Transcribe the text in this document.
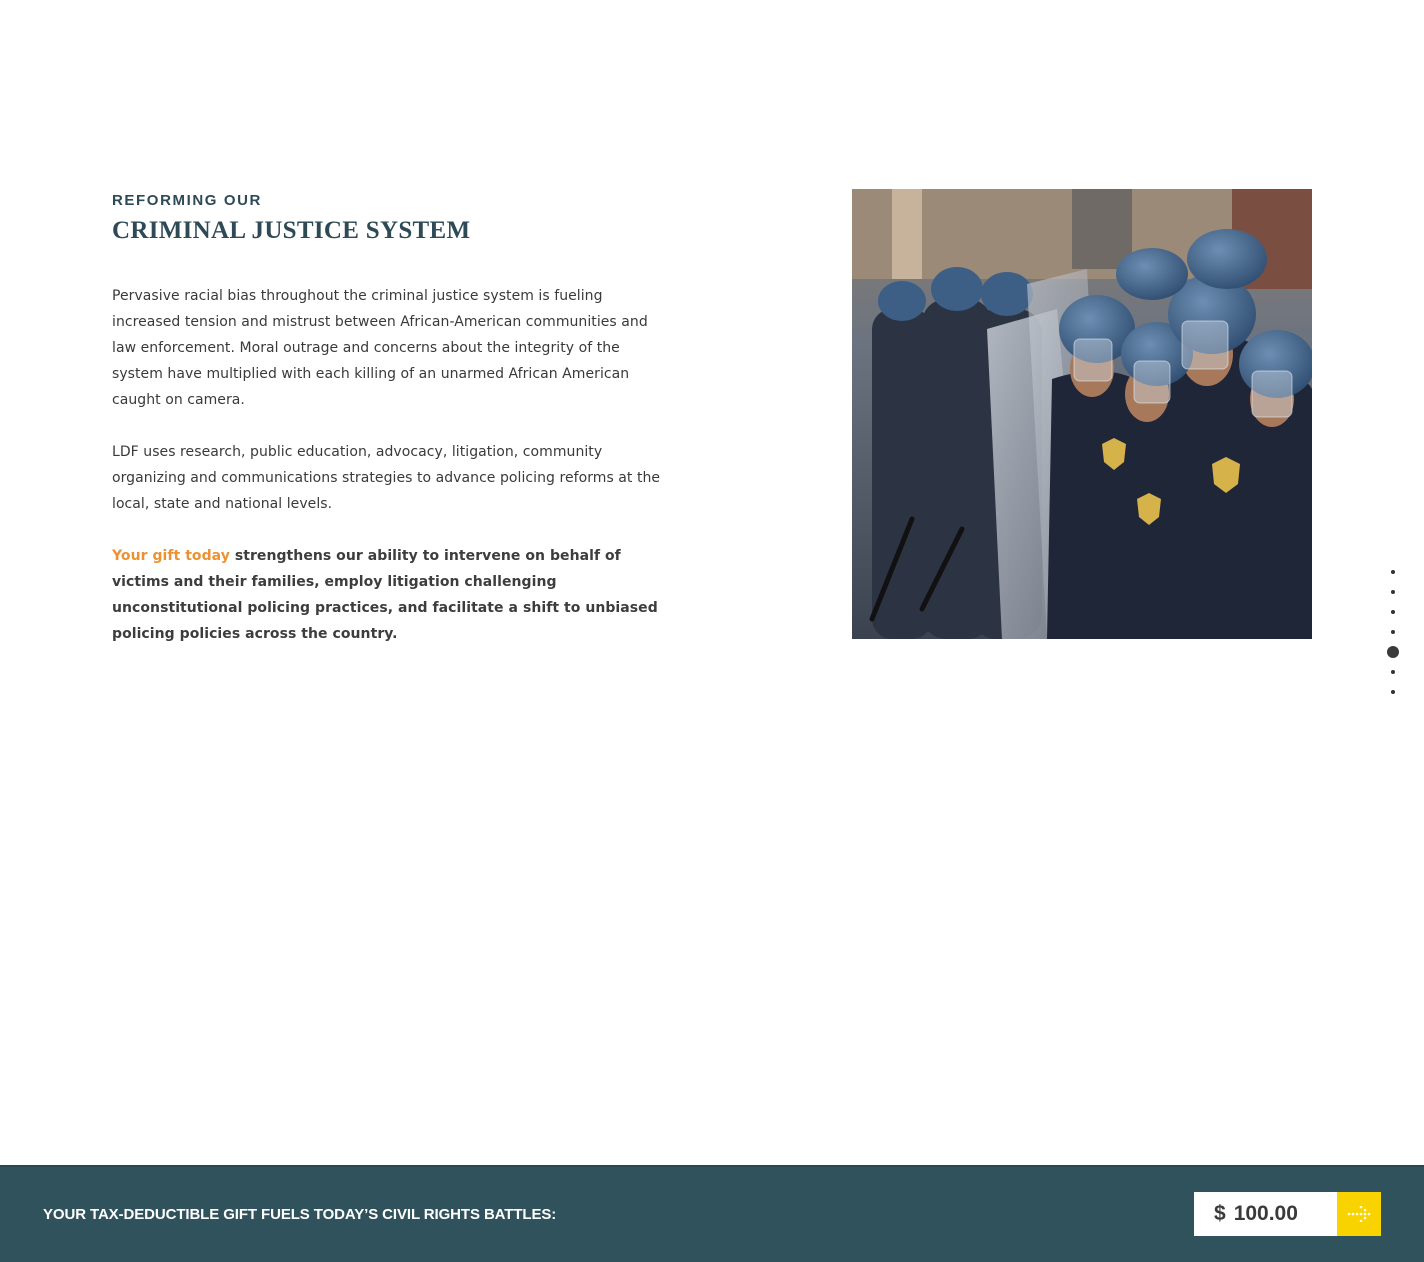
REFORMING OUR

CRIMINAL JUSTICE SYSTEM

Pervasive racial bias throughout the criminal justice system is fueling increased tension and mistrust between African-American communities and law enforcement. Moral outrage and concerns about the integrity of the system have multiplied with each killing of an unarmed African American caught on camera.

LDF uses research, public education, advocacy, litigation, community organizing and communications strategies to advance policing reforms at the local, state and national levels.

Your gift today strengthens our ability to intervene on behalf of victims and their families, employ litigation challenging unconstitutional policing practices, and facilitate a shift to unbiased policing policies across the country.

YOUR TAX-DEDUCTIBLE GIFT FUELS TODAY’S CIVIL RIGHTS BATTLES:	$
100.00
